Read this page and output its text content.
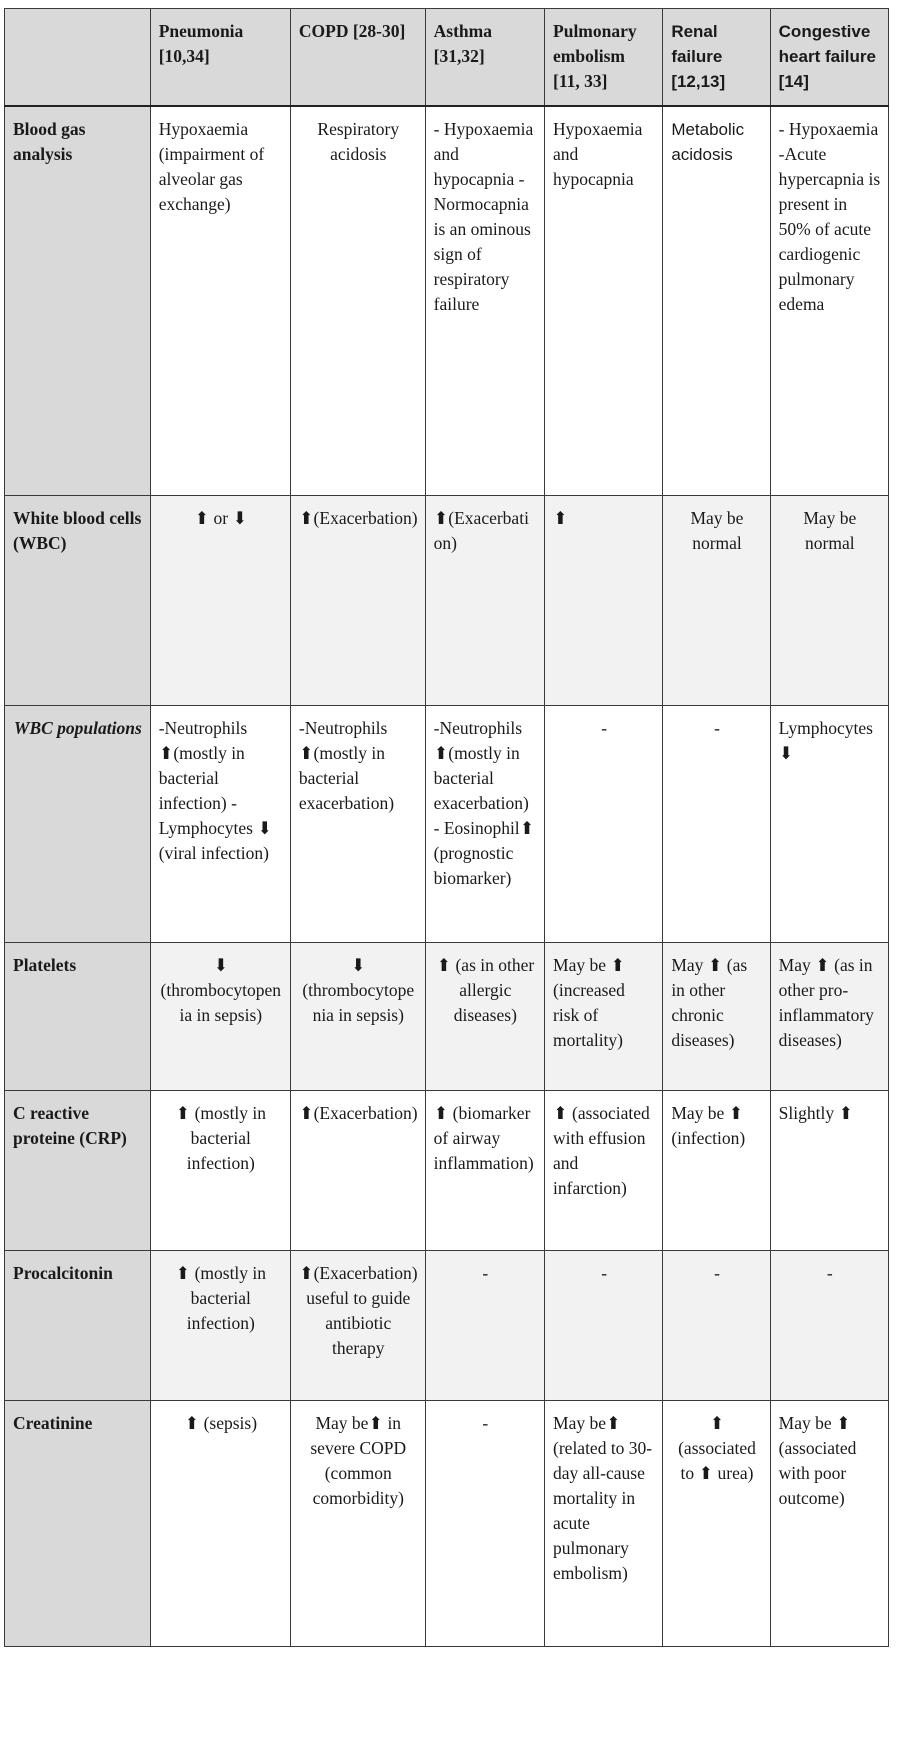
	Pneumonia [10,34]	COPD [28-30]	Asthma [31,32]	Pulmonary embolism [11, 33]	Renal failure [12,13]	Congestive heart failure [14]
Blood gas analysis	Hypoxaemia (impairment of alveolar gas exchange)	Respiratory acidosis	- Hypoxaemia and hypocapnia - Normocapnia is an ominous sign of respiratory failure	Hypoxaemia and hypocapnia	Metabolic acidosis	- Hypoxaemia -Acute hypercapnia is present in 50% of acute cardiogenic pulmonary edema
White blood cells (WBC)	⬆ or ⬇	⬆(Exacerbation)	⬆(Exacerbation)	⬆	May be normal	May be normal
WBC populations	-Neutrophils ⬆(mostly in bacterial infection) - Lymphocytes ⬇ (viral infection)	-Neutrophils ⬆(mostly in bacterial exacerbation)	-Neutrophils ⬆(mostly in bacterial exacerbation) - Eosinophil⬆ (prognostic biomarker)	-	-	Lymphocytes ⬇
Platelets	⬇ (thrombocytopenia in sepsis)	⬇ (thrombocytopenia in sepsis)	⬆ (as in other allergic diseases)	May be ⬆ (increased risk of mortality)	May ⬆ (as in other chronic diseases)	May ⬆ (as in other pro-inflammatory diseases)
C reactive proteine (CRP)	⬆ (mostly in bacterial infection)	⬆(Exacerbation)	⬆ (biomarker of airway inflammation)	⬆ (associated with effusion and infarction)	May be ⬆ (infection)	Slightly ⬆
Procalcitonin	⬆ (mostly in bacterial infection)	⬆(Exacerbation) useful to guide antibiotic therapy	-	-	-	-
Creatinine	⬆ (sepsis)	May be⬆ in severe COPD (common comorbidity)	-	May be⬆ (related to 30-day all-cause mortality in acute pulmonary embolism)	⬆ (associated to ⬆ urea)	May be ⬆ (associated with poor outcome)
